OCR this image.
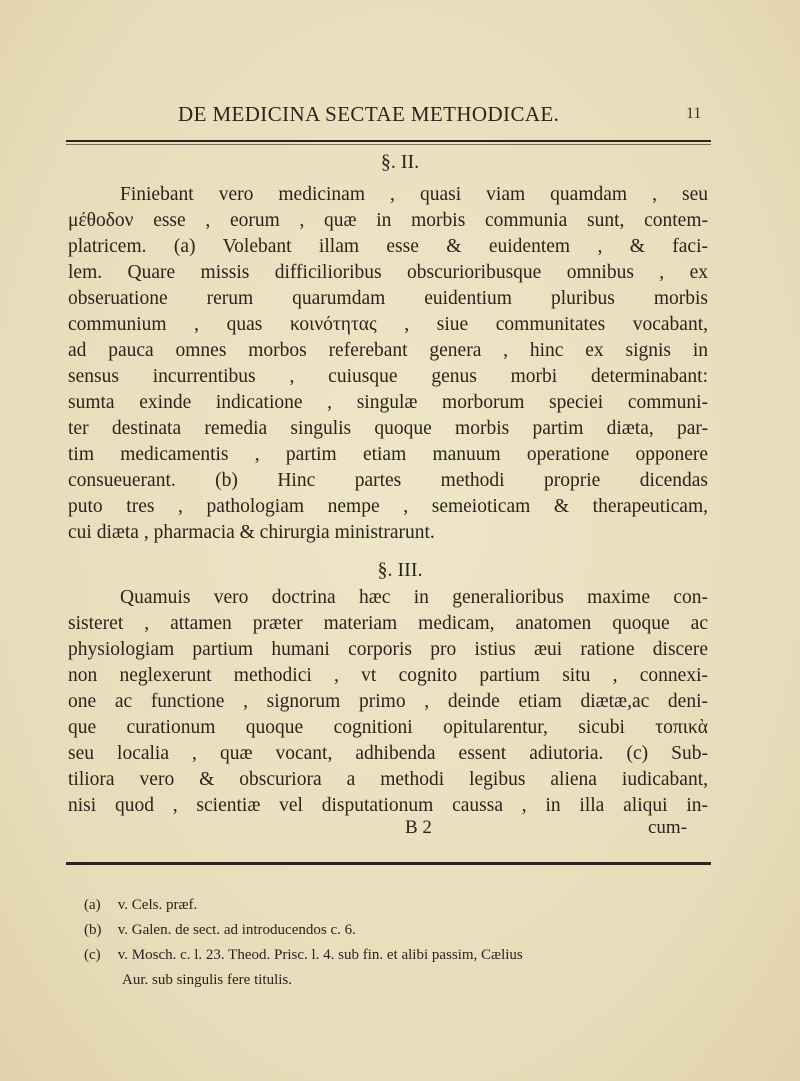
DE MEDICINA SECTAE METHODICAE.	11
§. II.
Finiebant vero medicinam , quasi viam quamdam , seu
μέθοδον esse , eorum , quæ in morbis communia sunt, contem-
platricem. (a) Volebant illam esse & euidentem , & faci-
lem. Quare missis difficilioribus obscurioribusque omnibus , ex
obseruatione rerum quarumdam euidentium pluribus morbis
communium , quas κοινότητας , siue communitates vocabant,
ad pauca omnes morbos referebant genera , hinc ex signis in
sensus incurrentibus , cuiusque genus morbi determinabant:
sumta exinde indicatione , singulæ morborum speciei communi-
ter destinata remedia singulis quoque morbis partim diæta, par-
tim medicamentis , partim etiam manuum operatione opponere
consueuerant. (b) Hinc partes methodi proprie dicendas
puto tres , pathologiam nempe , semeioticam & therapeuticam,
cui diæta , pharmacia & chirurgia ministrarunt.
§. III.
Quamuis vero doctrina hæc in generalioribus maxime con-
sisteret , attamen præter materiam medicam, anatomen quoque ac
physiologiam partium humani corporis pro istius æui ratione discere
non neglexerunt methodici , vt cognito partium situ , connexi-
one ac functione , signorum primo , deinde etiam diætæ,ac deni-
que curationum quoque cognitioni opitularentur, sicubi τοπικὰ
seu localia , quæ vocant, adhibenda essent adiutoria. (c) Sub-
tiliora vero & obscuriora a methodi legibus aliena iudicabant,
nisi quod , scientiæ vel disputationum caussa , in illa aliqui in-
B 2	cum-
(a) v. Cels. præf.
(b) v. Galen. de sect. ad introducendos c. 6.
(c) v. Mosch. c. l. 23. Theod. Prisc. l. 4. sub fin. et alibi passim, Cælius
Aur. sub singulis fere titulis.
